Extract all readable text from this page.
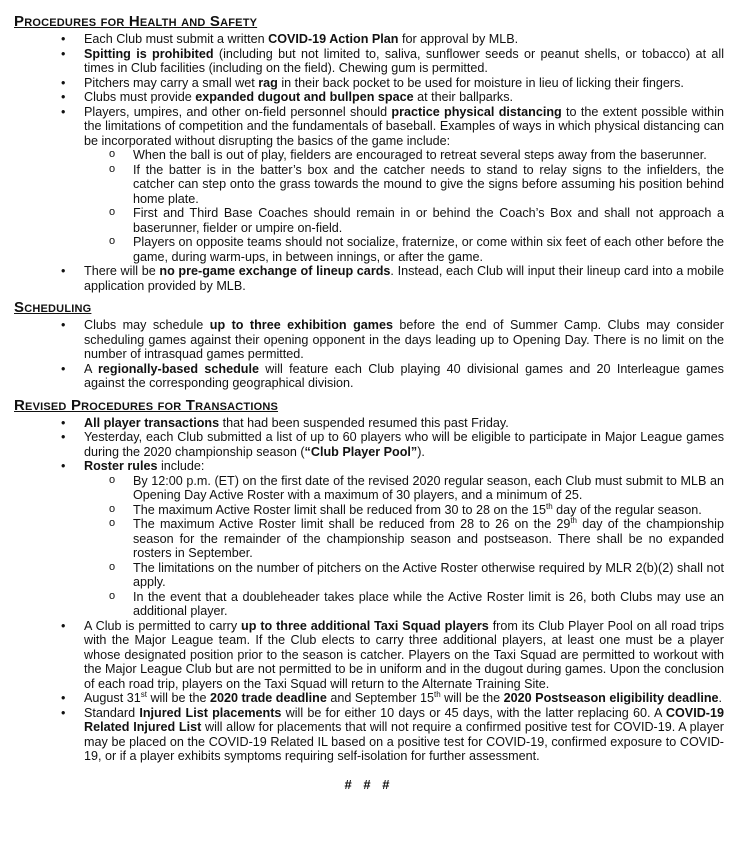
Procedures for Health and Safety
• Each Club must submit a written COVID-19 Action Plan for approval by MLB.
• Spitting is prohibited (including but not limited to, saliva, sunflower seeds or peanut shells, or tobacco) at all times in Club facilities (including on the field). Chewing gum is permitted.
• Pitchers may carry a small wet rag in their back pocket to be used for moisture in lieu of licking their fingers.
• Clubs must provide expanded dugout and bullpen space at their ballparks.
• Players, umpires, and other on-field personnel should practice physical distancing to the extent possible within the limitations of competition and the fundamentals of baseball. Examples of ways in which physical distancing can be incorporated without disrupting the basics of the game include:
o When the ball is out of play, fielders are encouraged to retreat several steps away from the baserunner.
o If the batter is in the batter’s box and the catcher needs to stand to relay signs to the infielders, the catcher can step onto the grass towards the mound to give the signs before assuming his position behind home plate.
o First and Third Base Coaches should remain in or behind the Coach’s Box and shall not approach a baserunner, fielder or umpire on-field.
o Players on opposite teams should not socialize, fraternize, or come within six feet of each other before the game, during warm-ups, in between innings, or after the game.
• There will be no pre-game exchange of lineup cards. Instead, each Club will input their lineup card into a mobile application provided by MLB.
Scheduling
• Clubs may schedule up to three exhibition games before the end of Summer Camp. Clubs may consider scheduling games against their opening opponent in the days leading up to Opening Day. There is no limit on the number of intrasquad games permitted.
• A regionally-based schedule will feature each Club playing 40 divisional games and 20 Interleague games against the corresponding geographical division.
Revised Procedures for Transactions
• All player transactions that had been suspended resumed this past Friday.
• Yesterday, each Club submitted a list of up to 60 players who will be eligible to participate in Major League games during the 2020 championship season (“Club Player Pool”).
• Roster rules include:
o By 12:00 p.m. (ET) on the first date of the revised 2020 regular season, each Club must submit to MLB an Opening Day Active Roster with a maximum of 30 players, and a minimum of 25.
o The maximum Active Roster limit shall be reduced from 30 to 28 on the 15th day of the regular season.
o The maximum Active Roster limit shall be reduced from 28 to 26 on the 29th day of the championship season for the remainder of the championship season and postseason. There shall be no expanded rosters in September.
o The limitations on the number of pitchers on the Active Roster otherwise required by MLR 2(b)(2) shall not apply.
o In the event that a doubleheader takes place while the Active Roster limit is 26, both Clubs may use an additional player.
• A Club is permitted to carry up to three additional Taxi Squad players from its Club Player Pool on all road trips with the Major League team. If the Club elects to carry three additional players, at least one must be a player whose designated position prior to the season is catcher. Players on the Taxi Squad are permitted to workout with the Major League Club but are not permitted to be in uniform and in the dugout during games. Upon the conclusion of each road trip, players on the Taxi Squad will return to the Alternate Training Site.
• August 31st will be the 2020 trade deadline and September 15th will be the 2020 Postseason eligibility deadline.
• Standard Injured List placements will be for either 10 days or 45 days, with the latter replacing 60. A COVID-19 Related Injured List will allow for placements that will not require a confirmed positive test for COVID-19. A player may be placed on the COVID-19 Related IL based on a positive test for COVID-19, confirmed exposure to COVID-19, or if a player exhibits symptoms requiring self-isolation for further assessment.
# # #
